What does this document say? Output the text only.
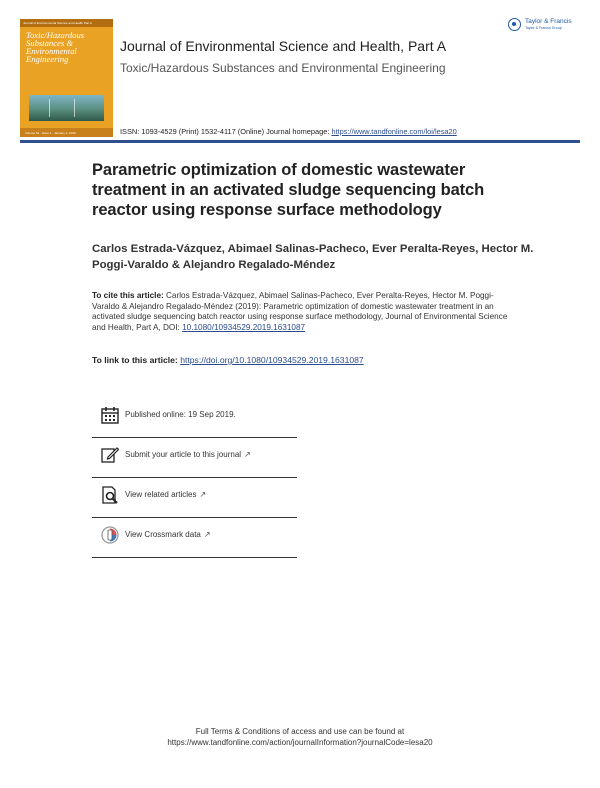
Journal of Environmental Science and Health Part A
Toxic/Hazardous Substances & Environmental Engineering
Volume 54 · Issue 1 · January 1, 2019
Taylor & Francis
Taylor & Francis Group
Journal of Environmental Science and Health, Part A
Toxic/Hazardous Substances and Environmental Engineering
ISSN: 1093-4529 (Print) 1532-4117 (Online) Journal homepage: https://www.tandfonline.com/loi/lesa20
Parametric optimization of domestic wastewater treatment in an activated sludge sequencing batch reactor using response surface methodology
Carlos Estrada-Vázquez, Abimael Salinas-Pacheco, Ever Peralta-Reyes, Hector M. Poggi-Varaldo & Alejandro Regalado-Méndez
To cite this article: Carlos Estrada-Vázquez, Abimael Salinas-Pacheco, Ever Peralta-Reyes, Hector M. Poggi-Varaldo & Alejandro Regalado-Méndez (2019): Parametric optimization of domestic wastewater treatment in an activated sludge sequencing batch reactor using response surface methodology, Journal of Environmental Science and Health, Part A, DOI: 10.1080/10934529.2019.1631087
To link to this article: https://doi.org/10.1080/10934529.2019.1631087
Published online: 19 Sep 2019.
Submit your article to this journal ↗
View related articles ↗
View Crossmark data ↗
Full Terms & Conditions of access and use can be found at
https://www.tandfonline.com/action/journalInformation?journalCode=lesa20
